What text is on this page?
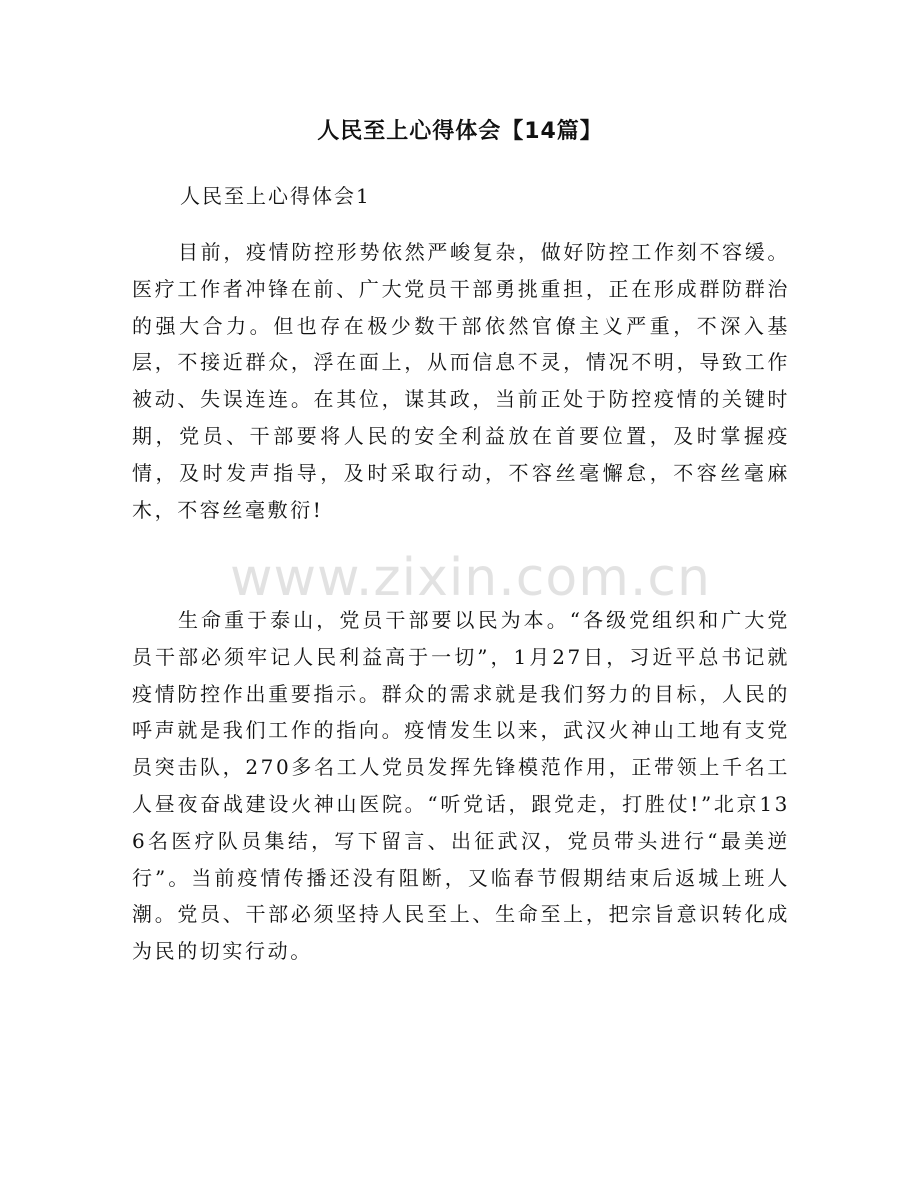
人民至上心得体会【14篇】
人民至上心得体会1

目前，疫情防控形势依然严峻复杂，做好防控工作刻不容缓。医疗工作者冲锋在前、广大党员干部勇挑重担，正在形成群防群治的强大合力。但也存在极少数干部依然官僚主义严重，不深入基层，不接近群众，浮在面上，从而信息不灵，情况不明，导致工作被动、失误连连。在其位，谋其政，当前正处于防控疫情的关键时期，党员、干部要将人民的安全利益放在首要位置，及时掌握疫情，及时发声指导，及时采取行动，不容丝毫懈怠，不容丝毫麻木，不容丝毫敷衍!

生命重于泰山，党员干部要以民为本。“各级党组织和广大党员干部必须牢记人民利益高于一切”，1月27日，习近平总书记就疫情防控作出重要指示。群众的需求就是我们努力的目标，人民的呼声就是我们工作的指向。疫情发生以来，武汉火神山工地有支党员突击队，270多名工人党员发挥先锋模范作用，正带领上千名工人昼夜奋战建设火神山医院。“听党话，跟党走，打胜仗!”北京136名医疗队员集结，写下留言、出征武汉，党员带头进行“最美逆行”。当前疫情传播还没有阻断，又临春节假期结束后返城上班人潮。党员、干部必须坚持人民至上、生命至上，把宗旨意识转化成为民的切实行动。

www.zixin.com.cn
